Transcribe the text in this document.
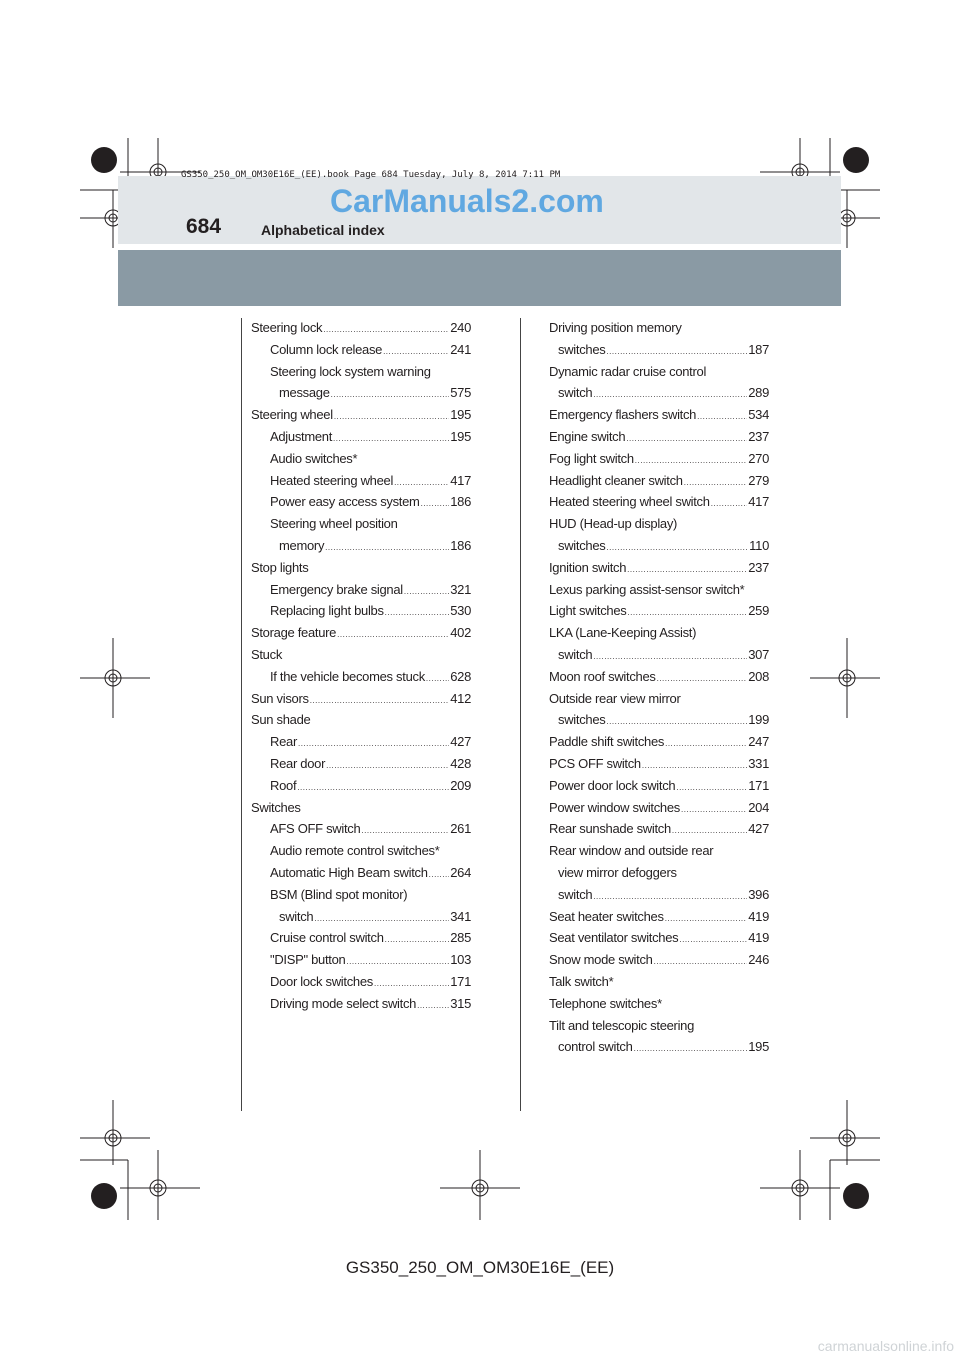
GS350_250_OM_OM30E16E_(EE).book Page 684 Tuesday, July 8, 2014 7:11 PM
CarManuals2.com
684	Alphabetical index
Steering lock .....	240
Column lock release .....	241
Steering lock system warning
message .....	575
Steering wheel .....	195
Adjustment .....	195
Audio switches *
Heated steering wheel .....	417
Power easy access system ..... 186
Steering wheel position
memory .....	186
Stop lights
Emergency brake signal .....	321
Replacing light bulbs .....	530
Storage feature .....	402
Stuck
If the vehicle becomes stuck ..... 628
Sun visors .....	412
Sun shade
Rear .....	427
Rear door .....	428
Roof .....	209
Switches
AFS OFF switch .....	261
Audio remote control switches *
Automatic High Beam switch ..... 264
BSM (Blind spot monitor)
switch .....	341
Cruise control switch .....	285
"DISP" button .....	103
Door lock switches .....	171
Driving mode select switch .....	315
Driving position memory
switches .....	187
Dynamic radar cruise control
switch .....	289
Emergency flashers switch .....	534
Engine switch .....	237
Fog light switch .....	270
Headlight cleaner switch .....	279
Heated steering wheel switch .....	417
HUD (Head-up display)
switches .....	110
Ignition switch .....	237
Lexus parking assist-sensor switch *
Light switches .....	259
LKA (Lane-Keeping Assist)
switch .....	307
Moon roof switches .....	208
Outside rear view mirror
switches .....	199
Paddle shift switches .....	247
PCS OFF switch .....	331
Power door lock switch .....	171
Power window switches .....	204
Rear sunshade switch .....	427
Rear window and outside rear
view mirror defoggers
switch .....	396
Seat heater switches .....	419
Seat ventilator switches .....	419
Snow mode switch .....	246
Talk switch *
Telephone switches *
Tilt and telescopic steering
control switch .....	195
GS350_250_OM_OM30E16E_(EE)
carmanualsonline.info
